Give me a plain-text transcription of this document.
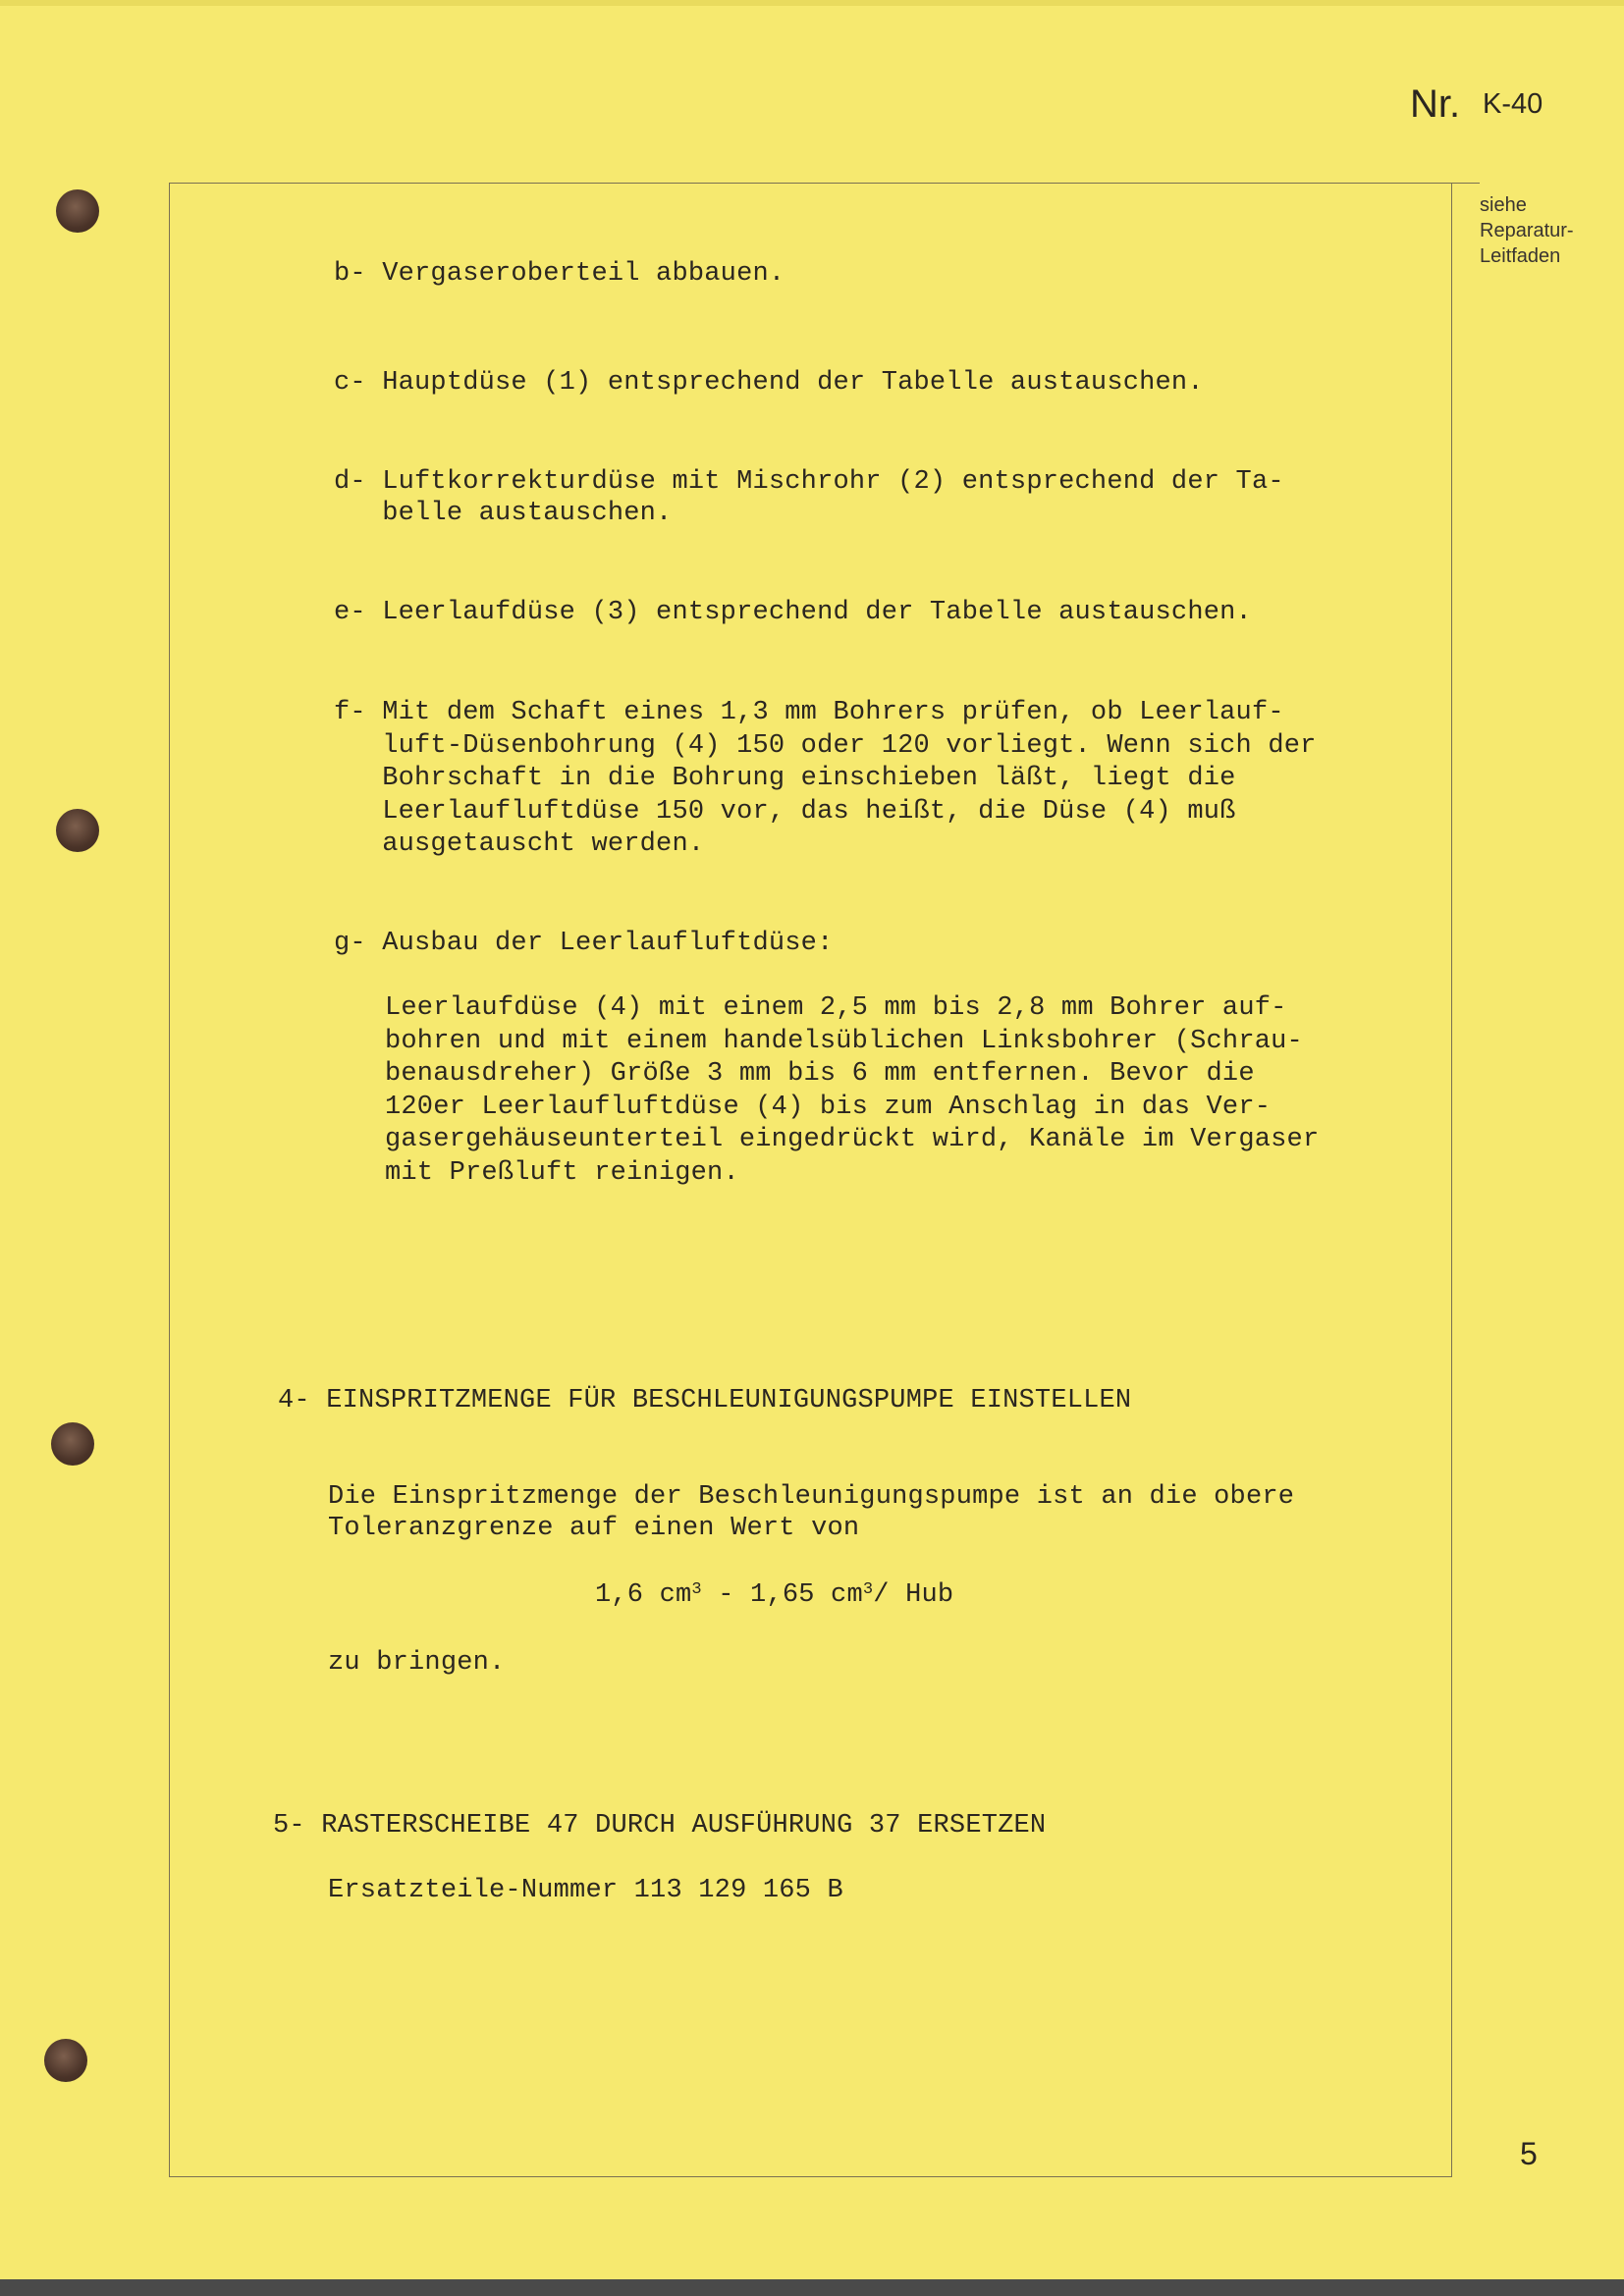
Nr. K-40
siehe
Reparatur-
Leitfaden
b- Vergaseroberteil abbauen.
c- Hauptdüse (1) entsprechend der Tabelle austauschen.
d- Luftkorrekturdüse mit Mischrohr (2) entsprechend der Ta-
belle austauschen.
e- Leerlaufdüse (3) entsprechend der Tabelle austauschen.
f- Mit dem Schaft eines 1,3 mm Bohrers prüfen, ob Leerlauf-
luft-Düsenbohrung (4) 150 oder 120 vorliegt. Wenn sich der
Bohrschaft in die Bohrung einschieben läßt, liegt die
Leerlaufluftdüse 150 vor, das heißt, die Düse (4) muß
ausgetauscht werden.
g- Ausbau der Leerlaufluftdüse:
Leerlaufdüse (4) mit einem 2,5 mm bis 2,8 mm Bohrer auf-
bohren und mit einem handelsüblichen Linksbohrer (Schrau-
benausdreher) Größe 3 mm bis 6 mm entfernen. Bevor die
120er Leerlaufluftdüse (4) bis zum Anschlag in das Ver-
gasergehäuseunterteil eingedrückt wird, Kanäle im Vergaser
mit Preßluft reinigen.
4- EINSPRITZMENGE FÜR BESCHLEUNIGUNGSPUMPE EINSTELLEN
Die Einspritzmenge der Beschleunigungspumpe ist an die obere
Toleranzgrenze auf einen Wert von
1,6 $cm^3 - 1,65$ $cm^3/$ Hub
zu bringen.
5- RASTERSCHEIBE 47 DURCH AUSFÜHRUNG 37 ERSETZEN
Ersatzteile-Nummer 113 129 165 B
5
